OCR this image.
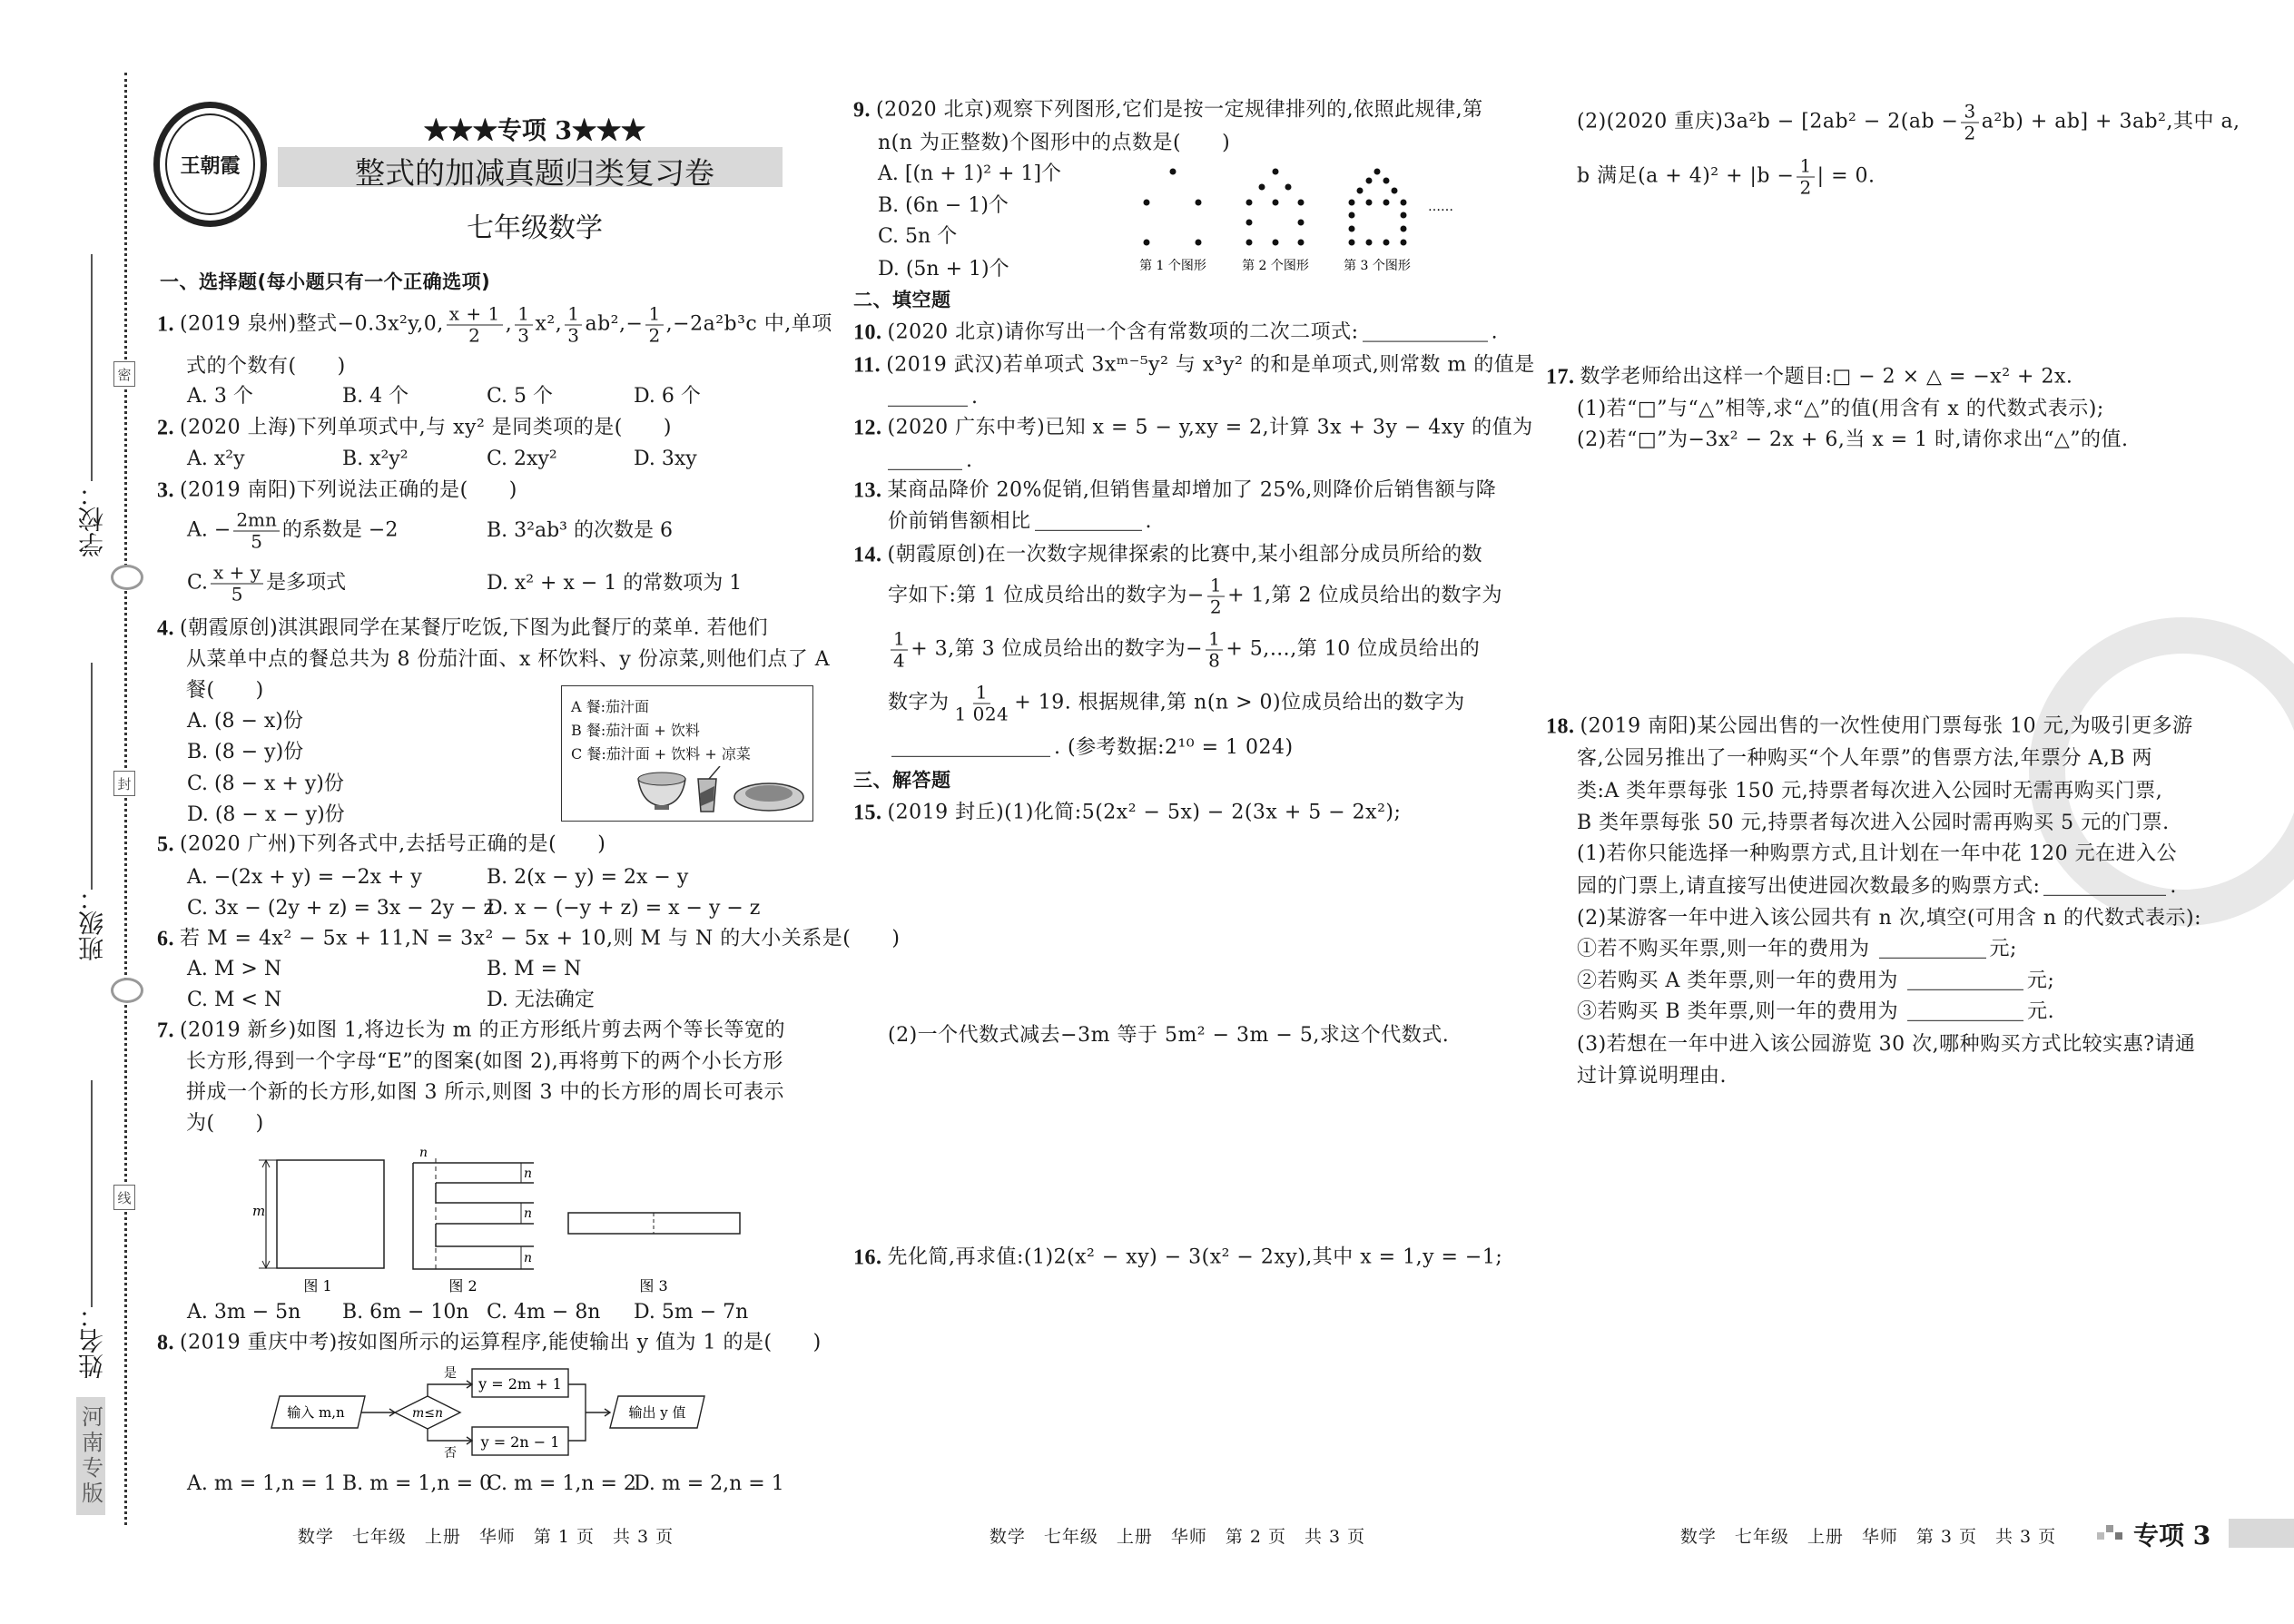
学校：
班级：
姓名：
密
封
线
河南专版
王朝霞
★★★专项 3★★★
整式的加减真题归类复习卷
七年级数学
一、选择题(每小题只有一个正确选项)
1. (2019 泉州)整式−0.3x²y,0, $\frac{x + 1}{2}$ , $\frac{1}{3} x^2$, $\frac{1}{3} ab^2,- \frac{1}{2} ,-2a^2b^3c$ 中,单项
式的个数有(　　)
A. 3 个	B. 4 个	C. 5 个	D. 6 个
2. (2020 上海)下列单项式中,与 xy² 是同类项的是(　　)
A. x²y	B. x²y²	C. 2xy²	D. 3xy
3. (2019 南阳)下列说法正确的是(　　)
A. − $\frac{2mn}{5}$ 的系数是 −2	B. 3²ab³ 的次数是 6
C. $\frac{x + y}{5}$ 是多项式	D. x² + x − 1 的常数项为 1
4. (朝霞原创)淇淇跟同学在某餐厅吃饭,下图为此餐厅的菜单. 若他们
从菜单中点的餐总共为 8 份茄汁面、x 杯饮料、y 份凉菜,则他们点了 A
餐(　　)
A. (8 − x)份
B. (8 − y)份
C. (8 − x + y)份
D. (8 − x − y)份
A 餐:茄汁面
B 餐:茄汁面 + 饮料
C 餐:茄汁面 + 饮料 + 凉菜
5. (2020 广州)下列各式中,去括号正确的是(　　)
A. −(2x + y) = −2x + y	B. 2(x − y) = 2x − y
C. 3x − (2y + z) = 3x − 2y − z
D. x − (−y + z) = x − y − z
6. 若 M = 4x² − 5x + 11,N = 3x² − 5x + 10,则 M 与 N 的大小关系是(　　)
A. M > N	B. M = N
C. M < N	D. 无法确定
7. (2019 新乡)如图 1,将边长为 m 的正方形纸片剪去两个等长等宽的
长方形,得到一个字母“E”的图案(如图 2),再将剪下的两个小长方形
拼成一个新的长方形,如图 3 所示,则图 3 中的长方形的周长可表示
为(　　)
m
n
n
n
n
图 1	图 2	图 3
A. 3m − 5n B. 6m − 10n C. 4m − 8n D. 5m − 7n
8. (2019 重庆中考)按如图所示的运算程序,能使输出 y 值为 1 的是(　　)
输入 m,n	m≤n
是
否
y = 2m + 1
y = 2n − 1
输出 y 值
A. m = 1,n = 1 B. m = 1,n = 0
C. m = 1,n = 2
D. m = 2,n = 1
数学　七年级　上册　华师　第 1 页　共 3 页
9. (2020 北京)观察下列图形,它们是按一定规律排列的,依照此规律,第
n(n 为正整数)个图形中的点数是(　　)
A. [(n + 1)² + 1]个
B. (6n − 1)个
C. 5n 个
D. (5n + 1)个	第 1 个图形	第 2 个图形	第 3 个图形
……
二、填空题
10. (2020 北京)请你写出一个含有常数项的二次二项式:	.
11. (2019 武汉)若单项式 3xᵐ⁻⁵y² 与 x³y² 的和是单项式,则常数 m 的值是
.
12. (2020 广东中考)已知 x = 5 − y,xy = 2,计算 3x + 3y − 4xy 的值为
.
13. 某商品降价 20%促销,但销售量却增加了 25%,则降价后销售额与降
价前销售额相比	.
14. (朝霞原创)在一次数字规律探索的比赛中,某小组部分成员所给的数
字如下:第 1 位成员给出的数字为− $\frac{1}{2} + 1$,第 2 位成员给出的数字为
$\frac{1}{4} + 3$,第 3 位成员给出的数字为− $\frac{1}{8}$ + 5,…,第 10 位成员给出的
数字为 $\frac{1}{1 024} + 19$. 根据规律,第 n(n > 0)位成员给出的数字为
. (参考数据:2¹⁰ = 1 024)
三、解答题
15. (2019 封丘)(1)化简:5(2x² − 5x) − 2(3x + 5 − 2x²);
(2)一个代数式减去−3m 等于 5m² − 3m − 5,求这个代数式.
16. 先化简,再求值:(1)2(x² − xy) − 3(x² − 2xy),其中 x = 1,y = −1;
数学　七年级　上册　华师　第 2 页　共 3 页
(2)(2020 重庆)$3a^2b - [2ab^2 - 2(ab - \frac{3}{2} a^2b) + ab] + 3ab^2$,其中 a,
b 满足$(a + 4)^2 + |b - \frac{1}{2}$ | = 0.
17. 数学老师给出这样一个题目:□ − 2 × △ = −x² + 2x.
(1)若“□”与“△”相等,求“△”的值(用含有 x 的代数式表示);
(2)若“□”为−3x² − 2x + 6,当 x = 1 时,请你求出“△”的值.
18. (2019 南阳)某公园出售的一次性使用门票每张 10 元,为吸引更多游
客,公园另推出了一种购买“个人年票”的售票方法,年票分 A,B 两
类:A 类年票每张 150 元,持票者每次进入公园时无需再购买门票,
B 类年票每张 50 元,持票者每次进入公园时需再购买 5 元的门票.
(1)若你只能选择一种购票方式,且计划在一年中花 120 元在进入公
园的门票上,请直接写出使进园次数最多的购票方式:	.
(2)某游客一年中进入该公园共有 n 次,填空(可用含 n 的代数式表示):
①若不购买年票,则一年的费用为	元;
②若购买 A 类年票,则一年的费用为	元;
③若购买 B 类年票,则一年的费用为	元.
(3)若想在一年中进入该公园游览 30 次,哪种购买方式比较实惠?请通
过计算说明理由.
数学　七年级　上册　华师　第 3 页　共 3 页	专项 3
